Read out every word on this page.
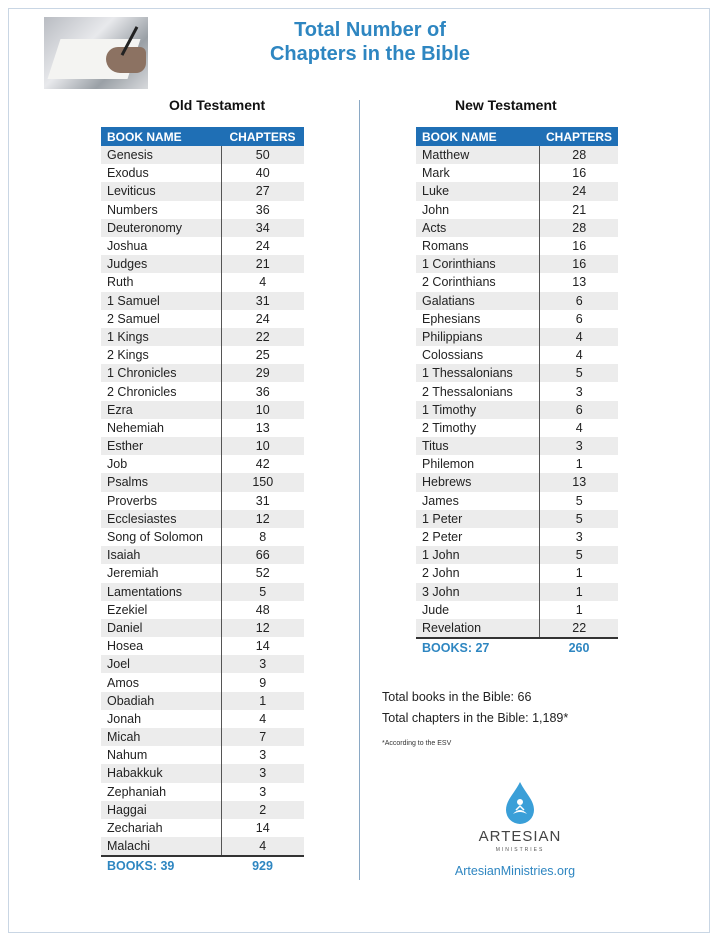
Total Number of
Chapters in the Bible
Old Testament	New Testament
BOOK NAME	CHAPTERS
Genesis	50
Exodus	40
Leviticus	27
Numbers	36
Deuteronomy	34
Joshua	24
Judges	21
Ruth	4
1 Samuel	31
2 Samuel	24
1 Kings	22
2 Kings	25
1 Chronicles	29
2 Chronicles	36
Ezra	10
Nehemiah	13
Esther	10
Job	42
Psalms	150
Proverbs	31
Ecclesiastes	12
Song of Solomon	8
Isaiah	66
Jeremiah	52
Lamentations	5
Ezekiel	48
Daniel	12
Hosea	14
Joel	3
Amos	9
Obadiah	1
Jonah	4
Micah	7
Nahum	3
Habakkuk	3
Zephaniah	3
Haggai	2
Zechariah	14
Malachi	4
BOOKS: 39	929
BOOK NAME	CHAPTERS
Matthew	28
Mark	16
Luke	24
John	21
Acts	28
Romans	16
1 Corinthians	16
2 Corinthians	13
Galatians	6
Ephesians	6
Philippians	4
Colossians	4
1 Thessalonians	5
2 Thessalonians	3
1 Timothy	6
2 Timothy	4
Titus	3
Philemon	1
Hebrews	13
James	5
1 Peter	5
2 Peter	3
1 John	5
2 John	1
3 John	1
Jude	1
Revelation	22
BOOKS: 27	260
Total books in the Bible: 66
Total chapters in the Bible: 1,189*
*According to the ESV
ARTESIAN
MINISTRIES
ArtesianMinistries.org
